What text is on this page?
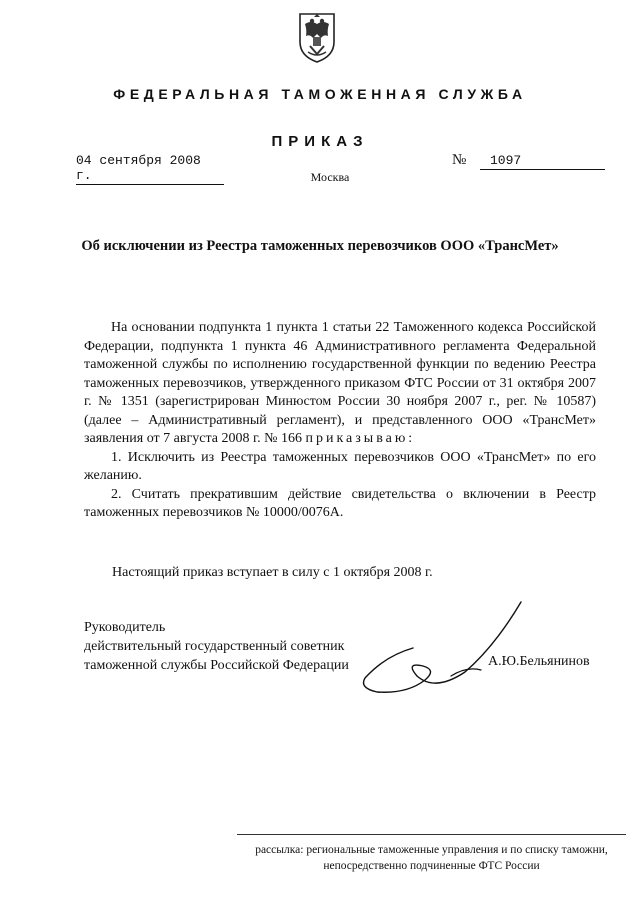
ФЕДЕРАЛЬНАЯ ТАМОЖЕННАЯ СЛУЖБА
ПРИКАЗ
04 сентября 2008 г.
№	1097
Москва
Об исключении из Реестра таможенных перевозчиков ООО «ТрансМет»

На основании подпункта 1 пункта 1 статьи 22 Таможенного кодекса Российской Федерации, подпункта 1 пункта 46 Административного регламента Федеральной таможенной службы по исполнению государственной функции по ведению Реестра таможенных перевозчиков, утвержденного приказом ФТС России от 31 октября 2007 г. № 1351 (зарегистрирован Минюстом России 30 ноября 2007 г., рег. № 10587) (далее – Административный регламент), и представленного ООО «ТрансМет» заявления от 7 августа 2008 г. № 166 приказываю:

1. Исключить из Реестра таможенных перевозчиков ООО «ТрансМет» по его желанию.

2. Считать прекратившим действие свидетельства о включении в Реестр таможенных перевозчиков № 10000/0076А.

Настоящий приказ вступает в силу с 1 октября 2008 г.
Руководитель
действительный государственный советник
таможенной службы Российской Федерации	А.Ю.Бельянинов
рассылка: региональные таможенные управления и по списку таможни,
непосредственно подчиненные ФТС России
